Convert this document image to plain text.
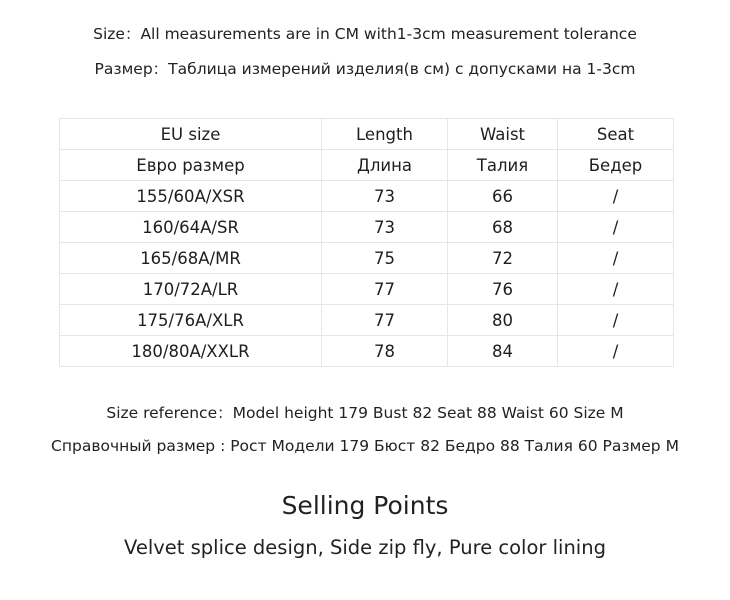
Size：All measurements are in CM with1-3cm measurement tolerance
Размер：Таблица измерений изделия(в см) с допусками на 1-3cm
EU size	Length	Waist	Seat
Евро размер	Длина	Талия	Бедер
155/60A/XSR	73	66	/
160/64A/SR	73	68	/
165/68A/MR	75	72	/
170/72A/LR	77	76	/
175/76A/XLR	77	80	/
180/80A/XXLR	78	84	/
Size reference：Model height 179 Bust 82 Seat 88 Waist 60 Size M
Справочный размер : Рост Модели 179 Бюст 82 Бедро 88 Талия 60 Размер M
Selling Points
Velvet splice design, Side zip fly, Pure color lining
